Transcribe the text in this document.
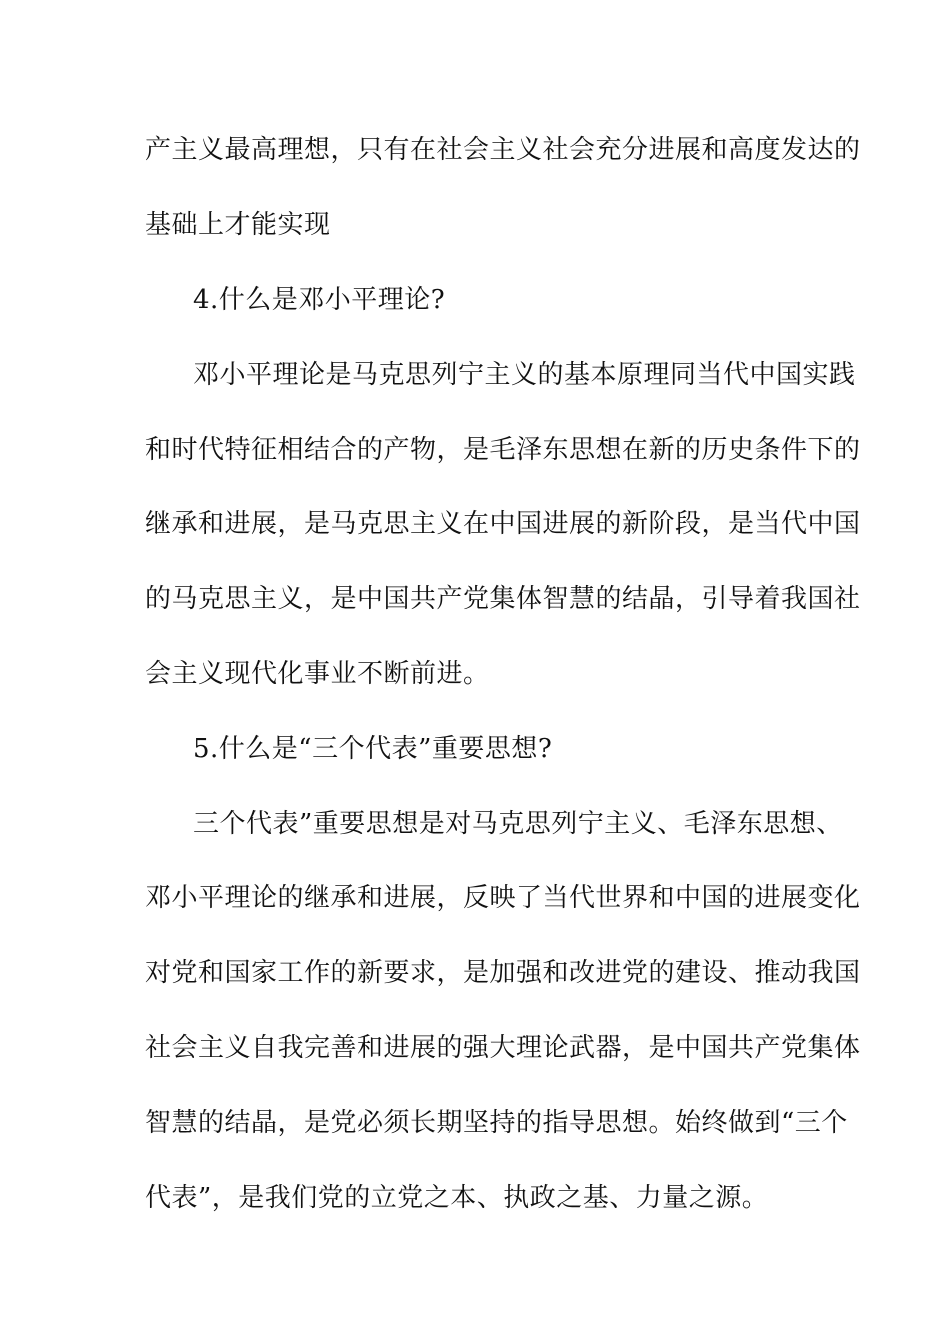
产主义最高理想，只有在社会主义社会充分进展和高度发达的
基础上才能实现
4.什么是邓小平理论?
邓小平理论是马克思列宁主义的基本原理同当代中国实践
和时代特征相结合的产物，是毛泽东思想在新的历史条件下的
继承和进展，是马克思主义在中国进展的新阶段，是当代中国
的马克思主义，是中国共产党集体智慧的结晶，引导着我国社
会主义现代化事业不断前进。
5.什么是“三个代表”重要思想?
三个代表”重要思想是对马克思列宁主义、毛泽东思想、
邓小平理论的继承和进展，反映了当代世界和中国的进展变化
对党和国家工作的新要求，是加强和改进党的建设、推动我国
社会主义自我完善和进展的强大理论武器，是中国共产党集体
智慧的结晶，是党必须长期坚持的指导思想。始终做到“三个
代表”，是我们党的立党之本、执政之基、力量之源。
